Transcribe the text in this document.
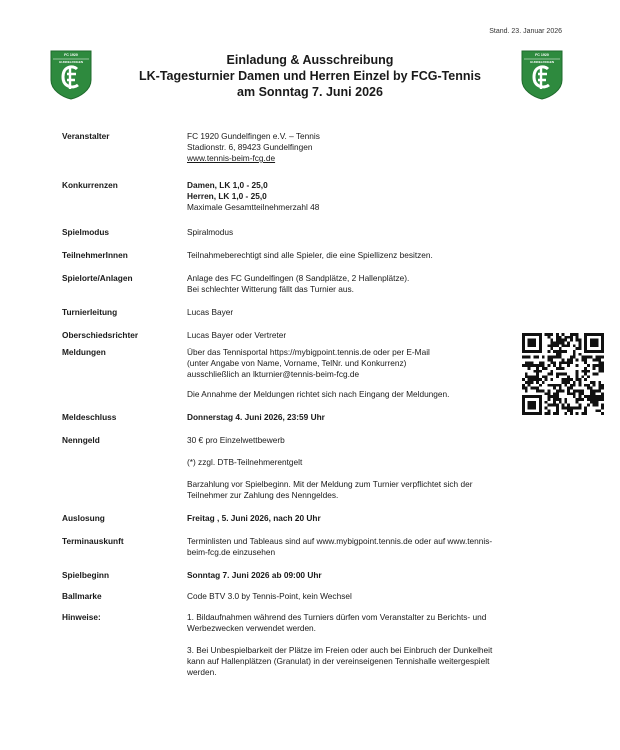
Stand. 23. Januar 2026
FC 1920
GUNDELFINGEN
FC 1920
GUNDELFINGEN
Einladung & Ausschreibung
LK-Tagesturnier Damen und Herren Einzel by FCG-Tennis
am Sonntag 7. Juni 2026
Veranstalter	FC 1920 Gundelfingen e.V. – Tennis

Stadionstr. 6, 89423 Gundelfingen

www.tennis-beim-fcg.de

Konkurrenzen	Damen, LK 1,0 - 25,0

Herren, LK 1,0 - 25,0

Maximale Gesamtteilnehmerzahl 48

Spielmodus	Spiralmodus
TeilnehmerInnen	Teilnahmeberechtigt sind alle Spieler, die eine Spiellizenz besitzen.
Spielorte/Anlagen	Anlage des FC Gundelfingen (8 Sandplätze, 2 Hallenplätze).

Bei schlechter Witterung fällt das Turnier aus.

Turnierleitung	Lucas Bayer
Oberschiedsrichter	Lucas Bayer oder Vertreter
Meldungen	Über das Tennisportal https://mybigpoint.tennis.de oder per E-Mail

(unter Angabe von Name, Vorname, TelNr. und Konkurrenz)

ausschließlich an lkturnier@tennis-beim-fcg.de

Die Annahme der Meldungen richtet sich nach Eingang der Meldungen.

Meldeschluss	Donnerstag 4. Juni 2026, 23:59 Uhr
Nenngeld	30 € pro Einzelwettbewerb

(*) zzgl. DTB-Teilnehmerentgelt

Barzahlung vor Spielbeginn. Mit der Meldung zum Turnier verpflichtet sich der

Teilnehmer zur Zahlung des Nenngeldes.

Auslosung	Freitag , 5. Juni 2026, nach 20 Uhr
Terminauskunft	Terminlisten und Tableaus sind auf www.mybigpoint.tennis.de oder auf www.tennis-

beim-fcg.de einzusehen

Spielbeginn	Sonntag 7. Juni 2026 ab 09:00 Uhr
Ballmarke	Code BTV 3.0 by Tennis-Point, kein Wechsel
Hinweise:	1. Bildaufnahmen während des Turniers dürfen vom Veranstalter zu Berichts- und

Werbezwecken verwendet werden.

3. Bei Unbespielbarkeit der Plätze im Freien oder auch bei Einbruch der Dunkelheit

kann auf Hallenplätzen (Granulat) in der vereinseigenen Tennishalle weitergespielt

werden.
